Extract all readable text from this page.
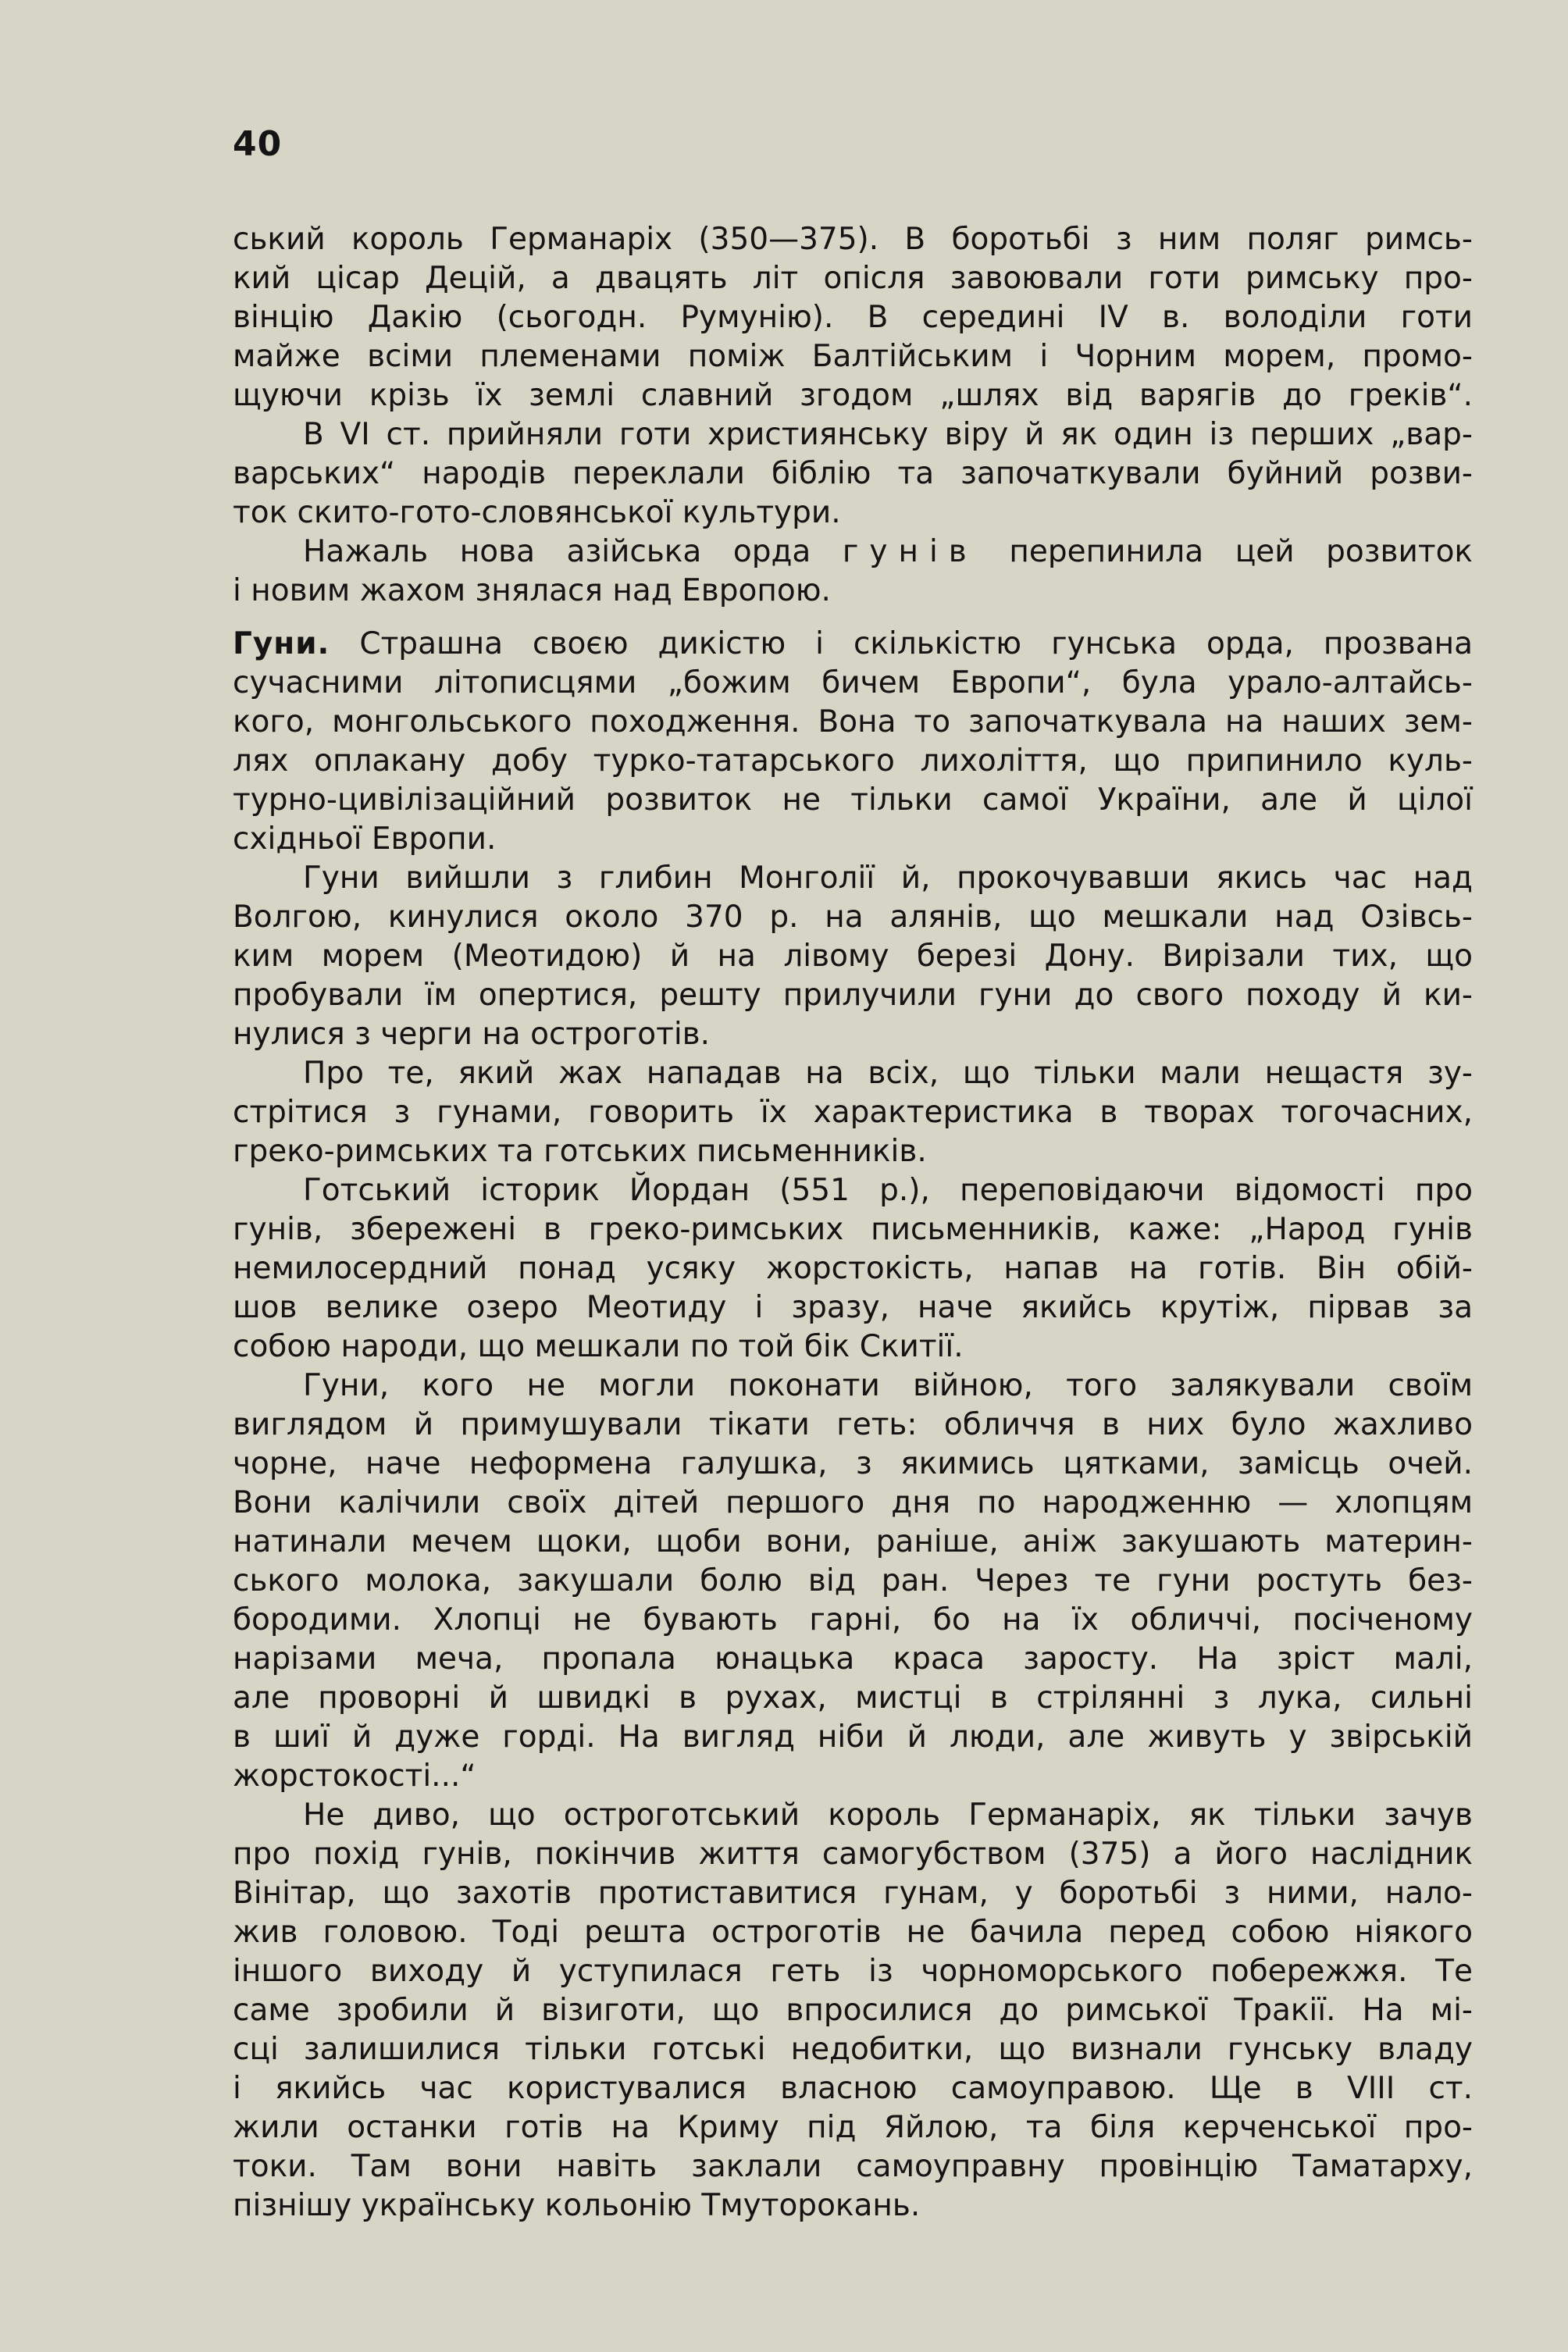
40
ський король Германаріх (350—375). В боротьбі з ним поляг римсь-
кий цісар Децій, а двацять літ опісля завоювали готи римську про-
вінцію Дакію (сьогодн. Румунію). В середині IV в. володіли готи
майже всіми племенами поміж Балтійським і Чорним морем, промо-
щуючи крізь їх землі славний згодом „шлях від варягів до греків“.
В VI ст. прийняли готи християнську віру й як один із перших „вар-
варських“ народів переклали біблію та започаткували буйний розви-
ток скито-гото-словянської культури.
Нажаль нова азійська орда гунів перепинила цей розвиток
і новим жахом знялася над Европою.
Гуни. Страшна своєю дикістю і скількістю гунська орда, прозвана
сучасними літописцями „божим бичем Европи“, була урало-алтайсь-
кого, монгольського походження. Вона то започаткувала на наших зем-
лях оплакану добу турко-татарського лихоліття, що припинило куль-
турно-цивілізаційний розвиток не тільки самої України, але й цілої
східньої Европи.
Гуни вийшли з глибин Монголії й, прокочувавши якись час над
Волгою, кинулися около 370 р. на алянів, що мешкали над Озівсь-
ким морем (Меотидою) й на лівому березі Дону. Вирізали тих, що
пробували їм опертися, решту прилучили гуни до свого походу й ки-
нулися з черги на остроготів.
Про те, який жах нападав на всіх, що тільки мали нещастя зу-
стрітися з гунами, говорить їх характеристика в творах тогочасних,
греко-римських та готських письменників.
Готський історик Йордан (551 р.), переповідаючи відомості про
гунів, збережені в греко-римських письменників, каже: „Народ гунів
немилосердний понад усяку жорстокість, напав на готів. Він обій-
шов велике озеро Меотиду і зразу, наче якийсь крутіж, пірвав за
собою народи, що мешкали по той бік Скитії.
Гуни, кого не могли поконати війною, того залякували своїм
виглядом й примушували тікати геть: обличчя в них було жахливо
чорне, наче неформена галушка, з якимись цятками, замісць очей.
Вони калічили своїх дітей першого дня по народженню — хлопцям
натинали мечем щоки, щоби вони, раніше, аніж закушають материн-
ського молока, закушали болю від ран. Через те гуни ростуть без-
бородими. Хлопці не бувають гарні, бо на їх обличчі, посіченому
нарізами меча, пропала юнацька краса заросту. На зріст малі,
але проворні й швидкі в рухах, мистці в стрілянні з лука, сильні
в шиї й дуже горді. На вигляд ніби й люди, але живуть у звірській
жорстокості...“
Не диво, що остроготський король Германаріх, як тільки зачув
про похід гунів, покінчив життя самогубством (375) а його наслідник
Вінітар, що захотів протиставитися гунам, у боротьбі з ними, нало-
жив головою. Тоді решта остроготів не бачила перед собою ніякого
іншого виходу й уступилася геть із чорноморського побережжя. Те
саме зробили й візиготи, що впросилися до римської Тракії. На мі-
сці залишилися тільки готські недобитки, що визнали гунську владу
і якийсь час користувалися власною самоуправою. Ще в VIII ст.
жили останки готів на Криму під Яйлою, та біля керченської про-
токи. Там вони навіть заклали самоуправну провінцію Таматарху,
пізнішу українську кольонію Тмуторокань.
